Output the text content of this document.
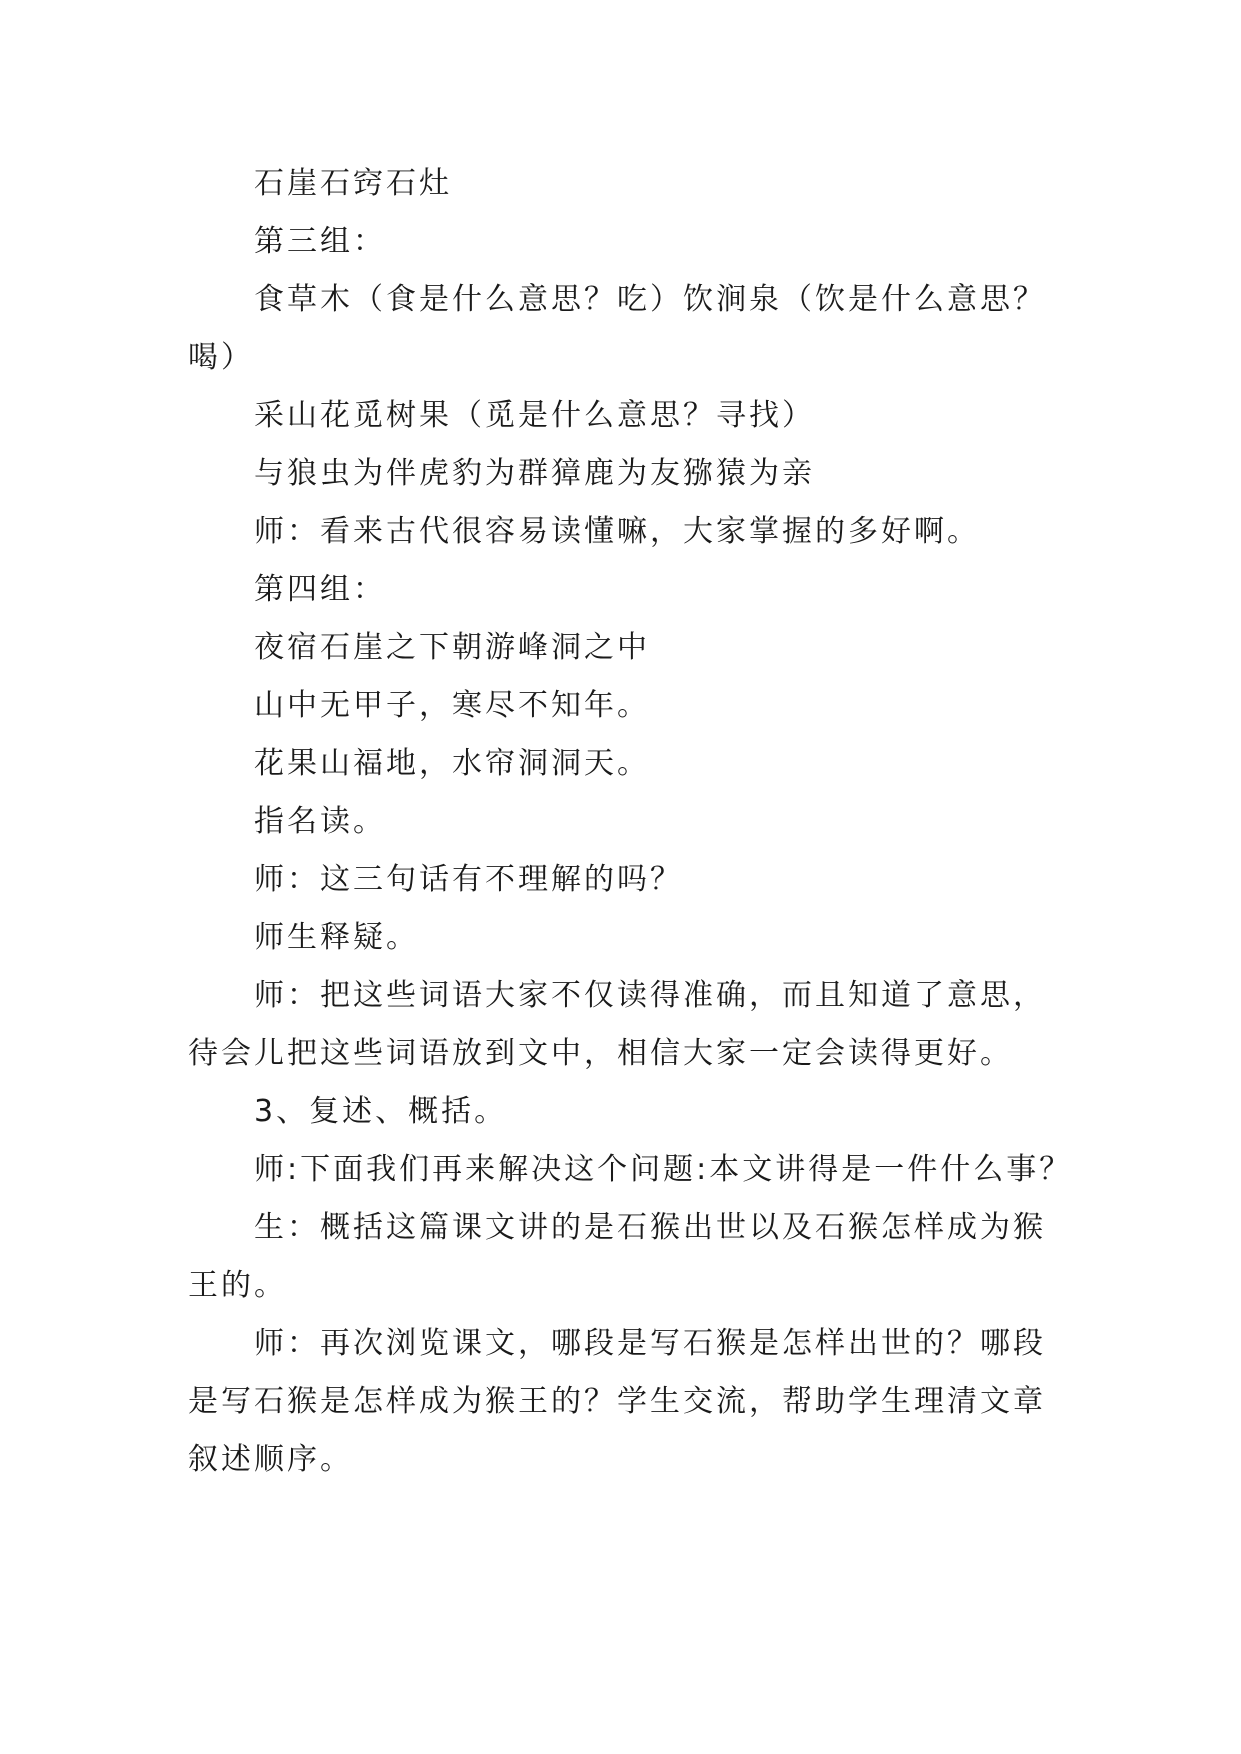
石崖石窍石灶

第三组：

食草木（食是什么意思？吃）饮涧泉（饮是什么意思？喝）

采山花觅树果（觅是什么意思？寻找）

与狼虫为伴虎豹为群獐鹿为友猕猿为亲

师：看来古代很容易读懂嘛，大家掌握的多好啊。

第四组：

夜宿石崖之下朝游峰洞之中

山中无甲子，寒尽不知年。

花果山福地，水帘洞洞天。

指名读。

师：这三句话有不理解的吗？

师生释疑。

师：把这些词语大家不仅读得准确，而且知道了意思，待会儿把这些词语放到文中，相信大家一定会读得更好。

3、复述、概括。

师:下面我们再来解决这个问题:本文讲得是一件什么事？

生：概括这篇课文讲的是石猴出世以及石猴怎样成为猴王的。

师：再次浏览课文，哪段是写石猴是怎样出世的？哪段是写石猴是怎样成为猴王的？学生交流，帮助学生理清文章叙述顺序。
